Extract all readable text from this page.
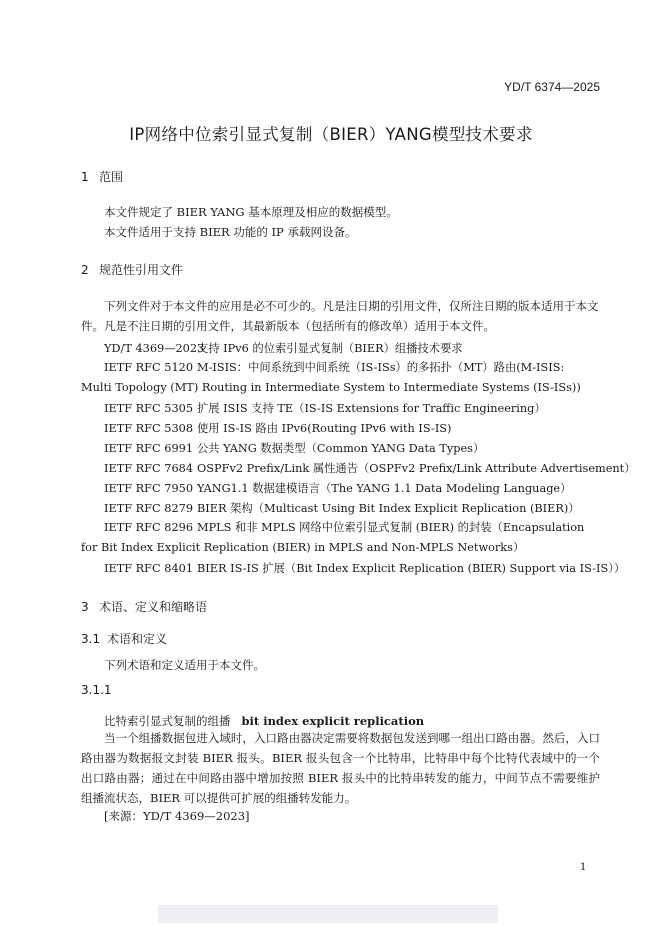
YD/T 6374—2025
IP网络中位索引显式复制（BIER）YANG模型技术要求
1 范围
本文件规定了 BIER YANG 基本原理及相应的数据模型。
本文件适用于支持 BIER 功能的 IP 承载网设备。
2 规范性引用文件
下列文件对于本文件的应用是必不可少的。凡是注日期的引用文件，仅所注日期的版本适用于本文
件。凡是不注日期的引用文件，其最新版本（包括所有的修改单）适用于本文件。
YD/T 4369—2023支持 IPv6 的位索引显式复制（BIER）组播技术要求
IETF RFC 5120 M-ISIS：中间系统到中间系统（IS-ISs）的多拓扑（MT）路由(M-ISIS: Multi Topology (MT) Routing in Intermediate System to Intermediate Systems (IS-ISs))
IETF RFC 5305 扩展 ISIS 支持 TE（IS-IS Extensions for Traffic Engineering）
IETF RFC 5308 使用 IS-IS 路由 IPv6(Routing IPv6 with IS-IS)
IETF RFC 6991 公共 YANG 数据类型（Common YANG Data Types）
IETF RFC 7684 OSPFv2 Prefix/Link 属性通告（OSPFv2 Prefix/Link Attribute Advertisement）
IETF RFC 7950 YANG1.1 数据建模语言（The YANG 1.1 Data Modeling Language）
IETF RFC 8279 BIER 架构（Multicast Using Bit Index Explicit Replication (BIER)）
IETF RFC 8296 MPLS 和非 MPLS 网络中位索引显式复制 (BIER) 的封装（Encapsulation for Bit Index Explicit Replication (BIER) in MPLS and Non-MPLS Networks）
IETF RFC 8401 BIER IS-IS 扩展（Bit Index Explicit Replication (BIER) Support via IS-IS））
3 术语、定义和缩略语
3.1 术语和定义
下列术语和定义适用于本文件。
3.1.1
比特索引显式复制的组播 bit index explicit replication
当一个组播数据包进入域时，入口路由器决定需要将数据包发送到哪一组出口路由器。然后，入口路由器为数据报文封装 BIER 报头。BIER 报头包含一个比特串，比特串中每个比特代表域中的一个出口路由器；通过在中间路由器中增加按照 BIER 报头中的比特串转发的能力，中间节点不需要维护组播流状态，BIER 可以提供可扩展的组播转发能力。
[来源：YD/T 4369—2023]
1
